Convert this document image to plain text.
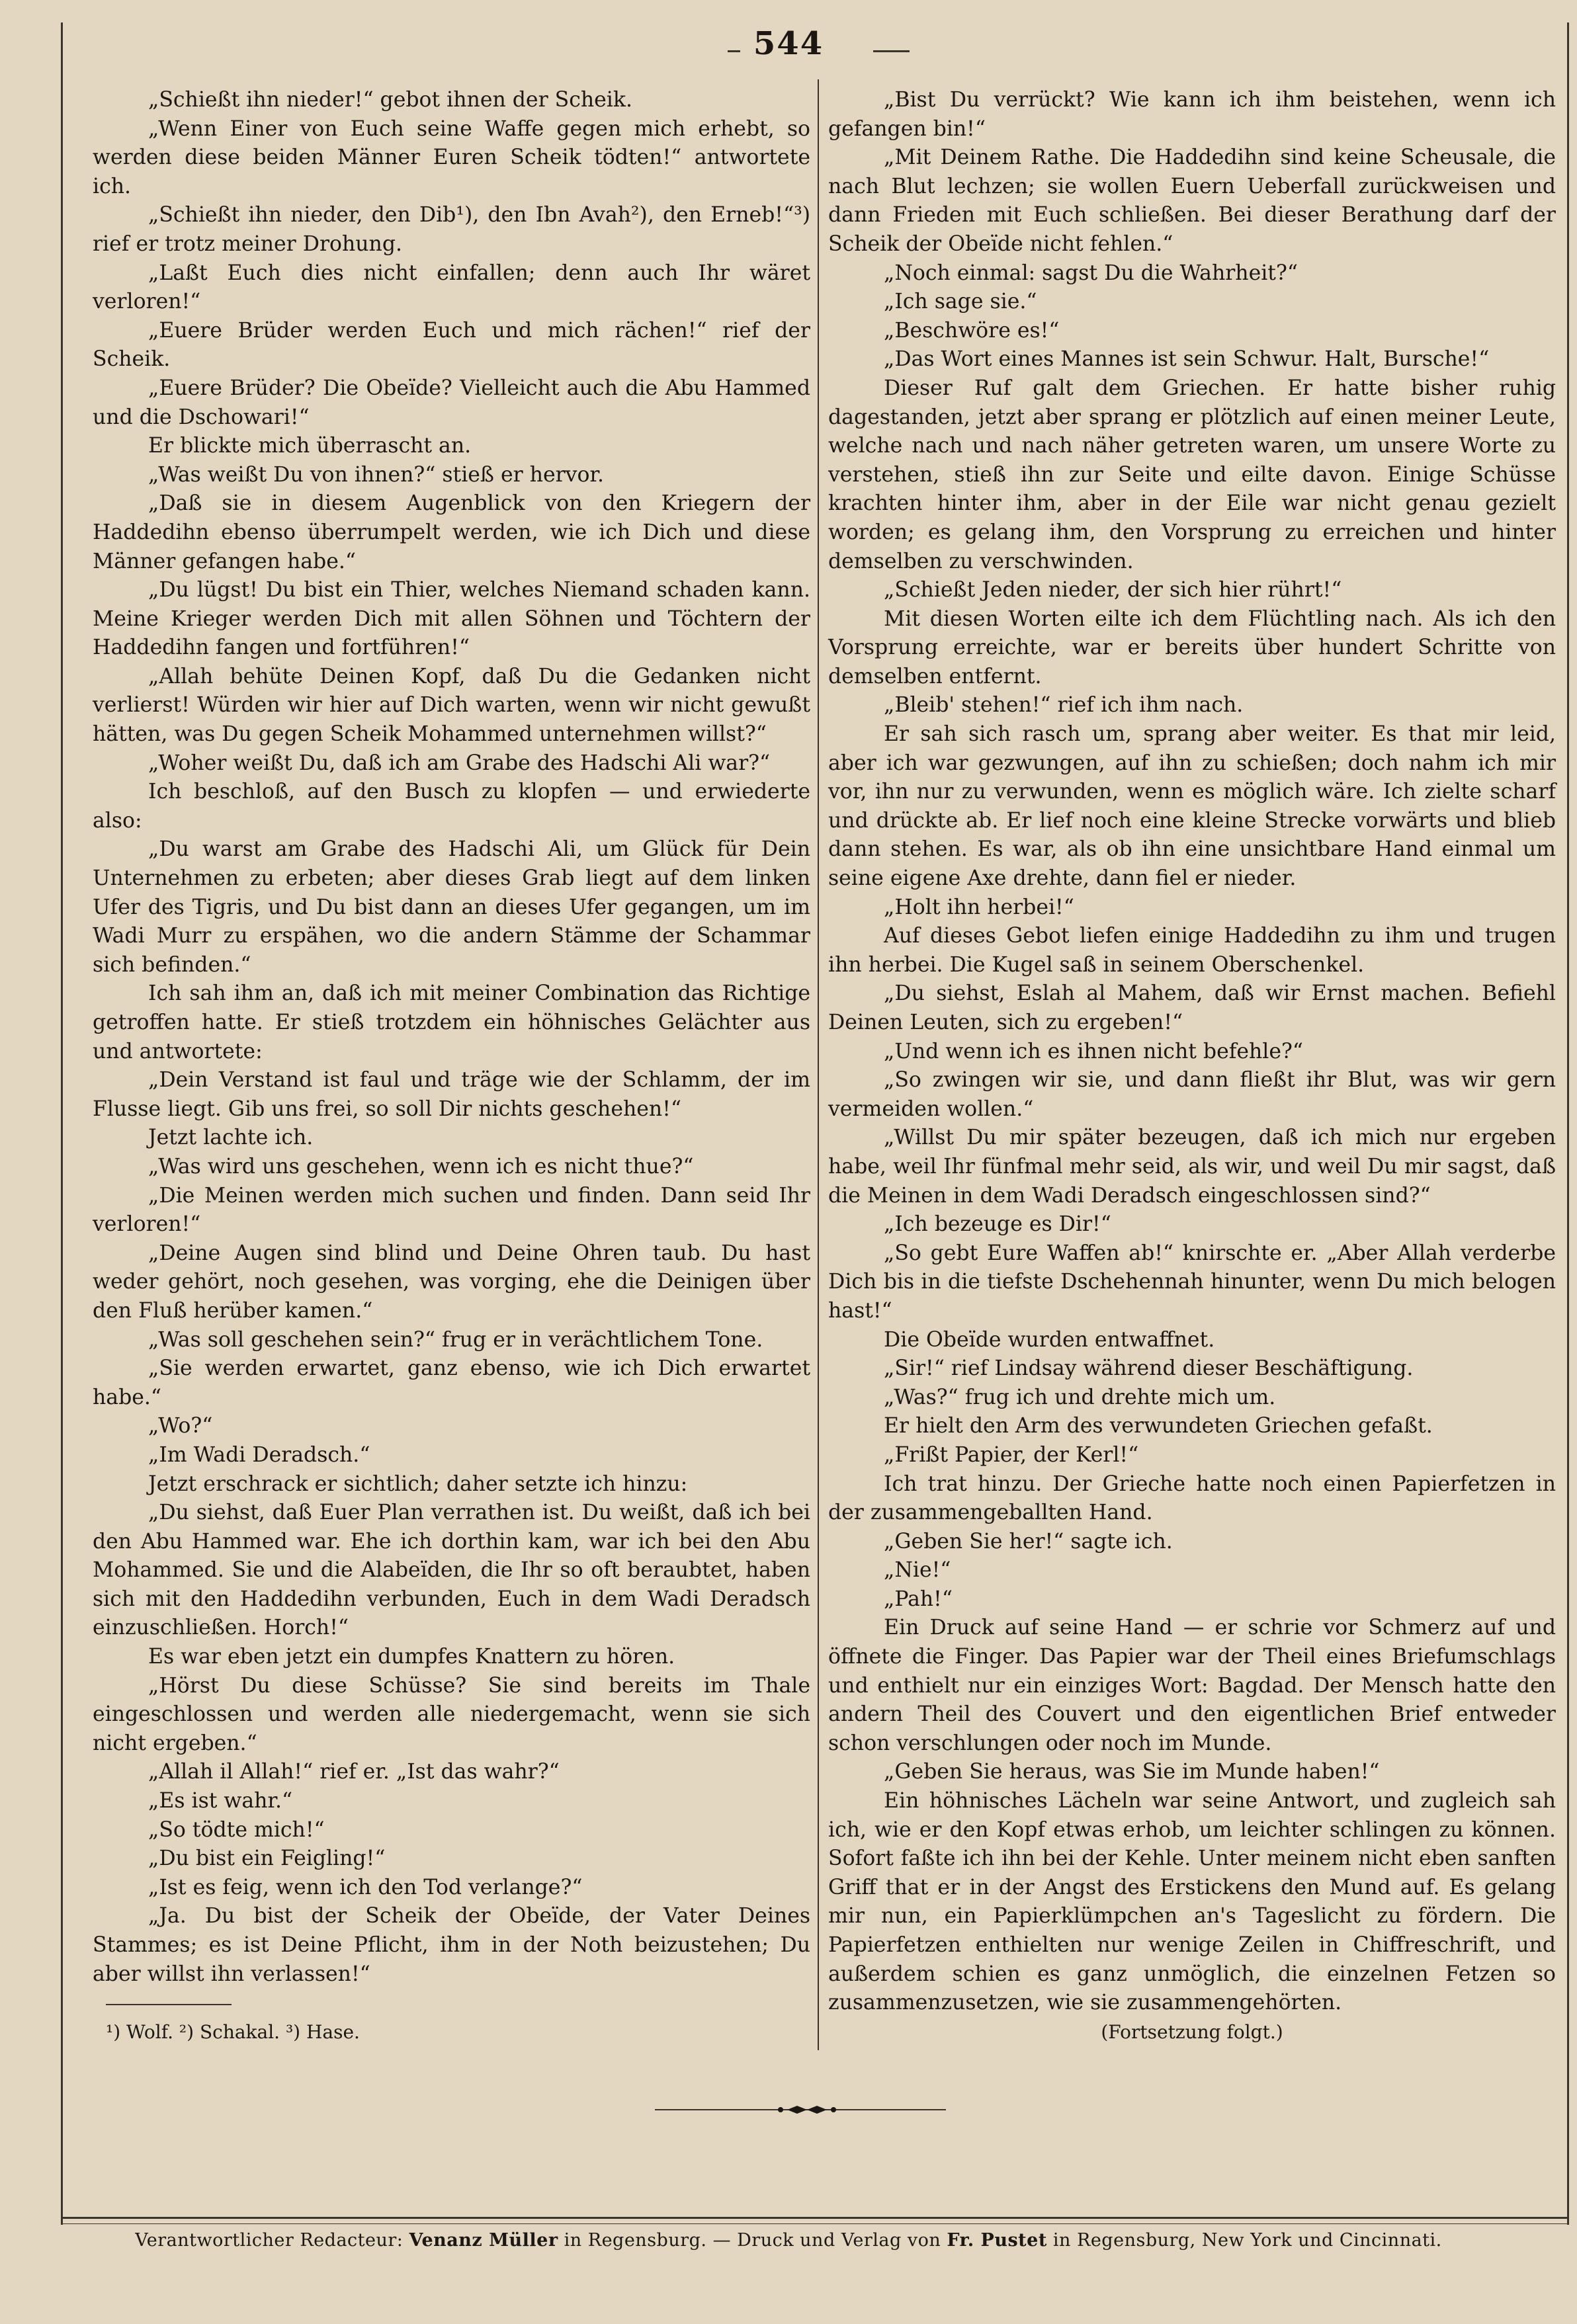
544

„Schießt ihn nieder!“ gebot ihnen der Scheik.

„Wenn Einer von Euch seine Waffe gegen mich erhebt, so werden diese beiden Männer Euren Scheik tödten!“ antwortete ich.

„Schießt ihn nieder, den Dib¹), den Ibn Avah²), den Erneb!“³) rief er trotz meiner Drohung.

„Laßt Euch dies nicht einfallen; denn auch Ihr wäret verloren!“

„Euere Brüder werden Euch und mich rächen!“ rief der Scheik.

„Euere Brüder? Die Obeïde? Vielleicht auch die Abu Hammed und die Dschowari!“

Er blickte mich überrascht an.

„Was weißt Du von ihnen?“ stieß er hervor.

„Daß sie in diesem Augenblick von den Kriegern der Haddedihn ebenso überrumpelt werden, wie ich Dich und diese Männer gefangen habe.“

„Du lügst! Du bist ein Thier, welches Niemand schaden kann. Meine Krieger werden Dich mit allen Söhnen und Töchtern der Haddedihn fangen und fortführen!“

„Allah behüte Deinen Kopf, daß Du die Gedanken nicht verlierst! Würden wir hier auf Dich warten, wenn wir nicht gewußt hätten, was Du gegen Scheik Mohammed unternehmen willst?“

„Woher weißt Du, daß ich am Grabe des Hadschi Ali war?“

Ich beschloß, auf den Busch zu klopfen — und erwiederte also:

„Du warst am Grabe des Hadschi Ali, um Glück für Dein Unternehmen zu erbeten; aber dieses Grab liegt auf dem linken Ufer des Tigris, und Du bist dann an dieses Ufer gegangen, um im Wadi Murr zu erspähen, wo die andern Stämme der Schammar sich befinden.“

Ich sah ihm an, daß ich mit meiner Combination das Richtige getroffen hatte. Er stieß trotzdem ein höhnisches Gelächter aus und antwortete:

„Dein Verstand ist faul und träge wie der Schlamm, der im Flusse liegt. Gib uns frei, so soll Dir nichts geschehen!“

Jetzt lachte ich.

„Was wird uns geschehen, wenn ich es nicht thue?“

„Die Meinen werden mich suchen und finden. Dann seid Ihr verloren!“

„Deine Augen sind blind und Deine Ohren taub. Du hast weder gehört, noch gesehen, was vorging, ehe die Deinigen über den Fluß herüber kamen.“

„Was soll geschehen sein?“ frug er in verächtlichem Tone.

„Sie werden erwartet, ganz ebenso, wie ich Dich erwartet habe.“

„Wo?“

„Im Wadi Deradsch.“

Jetzt erschrack er sichtlich; daher setzte ich hinzu:

„Du siehst, daß Euer Plan verrathen ist. Du weißt, daß ich bei den Abu Hammed war. Ehe ich dorthin kam, war ich bei den Abu Mohammed. Sie und die Alabeïden, die Ihr so oft beraubtet, haben sich mit den Haddedihn verbunden, Euch in dem Wadi Deradsch einzuschließen. Horch!“

Es war eben jetzt ein dumpfes Knattern zu hören.

„Hörst Du diese Schüsse? Sie sind bereits im Thale eingeschlossen und werden alle niedergemacht, wenn sie sich nicht ergeben.“

„Allah il Allah!“ rief er. „Ist das wahr?“

„Es ist wahr.“

„So tödte mich!“

„Du bist ein Feigling!“

„Ist es feig, wenn ich den Tod verlange?“

„Ja. Du bist der Scheik der Obeïde, der Vater Deines Stammes; es ist Deine Pflicht, ihm in der Noth beizustehen; Du aber willst ihn verlassen!“

„Bist Du verrückt? Wie kann ich ihm beistehen, wenn ich gefangen bin!“

„Mit Deinem Rathe. Die Haddedihn sind keine Scheusale, die nach Blut lechzen; sie wollen Euern Ueberfall zurückweisen und dann Frieden mit Euch schließen. Bei dieser Berathung darf der Scheik der Obeïde nicht fehlen.“

„Noch einmal: sagst Du die Wahrheit?“

„Ich sage sie.“

„Beschwöre es!“

„Das Wort eines Mannes ist sein Schwur. Halt, Bursche!“

Dieser Ruf galt dem Griechen. Er hatte bisher ruhig dagestanden, jetzt aber sprang er plötzlich auf einen meiner Leute, welche nach und nach näher getreten waren, um unsere Worte zu verstehen, stieß ihn zur Seite und eilte davon. Einige Schüsse krachten hinter ihm, aber in der Eile war nicht genau gezielt worden; es gelang ihm, den Vorsprung zu erreichen und hinter demselben zu verschwinden.

„Schießt Jeden nieder, der sich hier rührt!“

Mit diesen Worten eilte ich dem Flüchtling nach. Als ich den Vorsprung erreichte, war er bereits über hundert Schritte von demselben entfernt.

„Bleib' stehen!“ rief ich ihm nach.

Er sah sich rasch um, sprang aber weiter. Es that mir leid, aber ich war gezwungen, auf ihn zu schießen; doch nahm ich mir vor, ihn nur zu verwunden, wenn es möglich wäre. Ich zielte scharf und drückte ab. Er lief noch eine kleine Strecke vorwärts und blieb dann stehen. Es war, als ob ihn eine unsichtbare Hand einmal um seine eigene Axe drehte, dann fiel er nieder.

„Holt ihn herbei!“

Auf dieses Gebot liefen einige Haddedihn zu ihm und trugen ihn herbei. Die Kugel saß in seinem Oberschenkel.

„Du siehst, Eslah al Mahem, daß wir Ernst machen. Befiehl Deinen Leuten, sich zu ergeben!“

„Und wenn ich es ihnen nicht befehle?“

„So zwingen wir sie, und dann fließt ihr Blut, was wir gern vermeiden wollen.“

„Willst Du mir später bezeugen, daß ich mich nur ergeben habe, weil Ihr fünfmal mehr seid, als wir, und weil Du mir sagst, daß die Meinen in dem Wadi Deradsch eingeschlossen sind?“

„Ich bezeuge es Dir!“

„So gebt Eure Waffen ab!“ knirschte er. „Aber Allah verderbe Dich bis in die tiefste Dschehennah hinunter, wenn Du mich belogen hast!“

Die Obeïde wurden entwaffnet.

„Sir!“ rief Lindsay während dieser Beschäftigung.

„Was?“ frug ich und drehte mich um.

Er hielt den Arm des verwundeten Griechen gefaßt.

„Frißt Papier, der Kerl!“

Ich trat hinzu. Der Grieche hatte noch einen Papierfetzen in der zusammengeballten Hand.

„Geben Sie her!“ sagte ich.

„Nie!“

„Pah!“

Ein Druck auf seine Hand — er schrie vor Schmerz auf und öffnete die Finger. Das Papier war der Theil eines Briefumschlags und enthielt nur ein einziges Wort: Bagdad. Der Mensch hatte den andern Theil des Couvert und den eigentlichen Brief entweder schon verschlungen oder noch im Munde.

„Geben Sie heraus, was Sie im Munde haben!“

Ein höhnisches Lächeln war seine Antwort, und zugleich sah ich, wie er den Kopf etwas erhob, um leichter schlingen zu können. Sofort faßte ich ihn bei der Kehle. Unter meinem nicht eben sanften Griff that er in der Angst des Erstickens den Mund auf. Es gelang mir nun, ein Papierklümpchen an's Tageslicht zu fördern. Die Papierfetzen enthielten nur wenige Zeilen in Chiffreschrift, und außerdem schien es ganz unmöglich, die einzelnen Fetzen so zusammenzusetzen, wie sie zusammengehörten.

(Fortsetzung folgt.)

¹) Wolf. ²) Schakal. ³) Hase.
Verantwortlicher Redacteur: Venanz Müller in Regensburg. — Druck und Verlag von Fr. Pustet in Regensburg, New York und Cincinnati.
